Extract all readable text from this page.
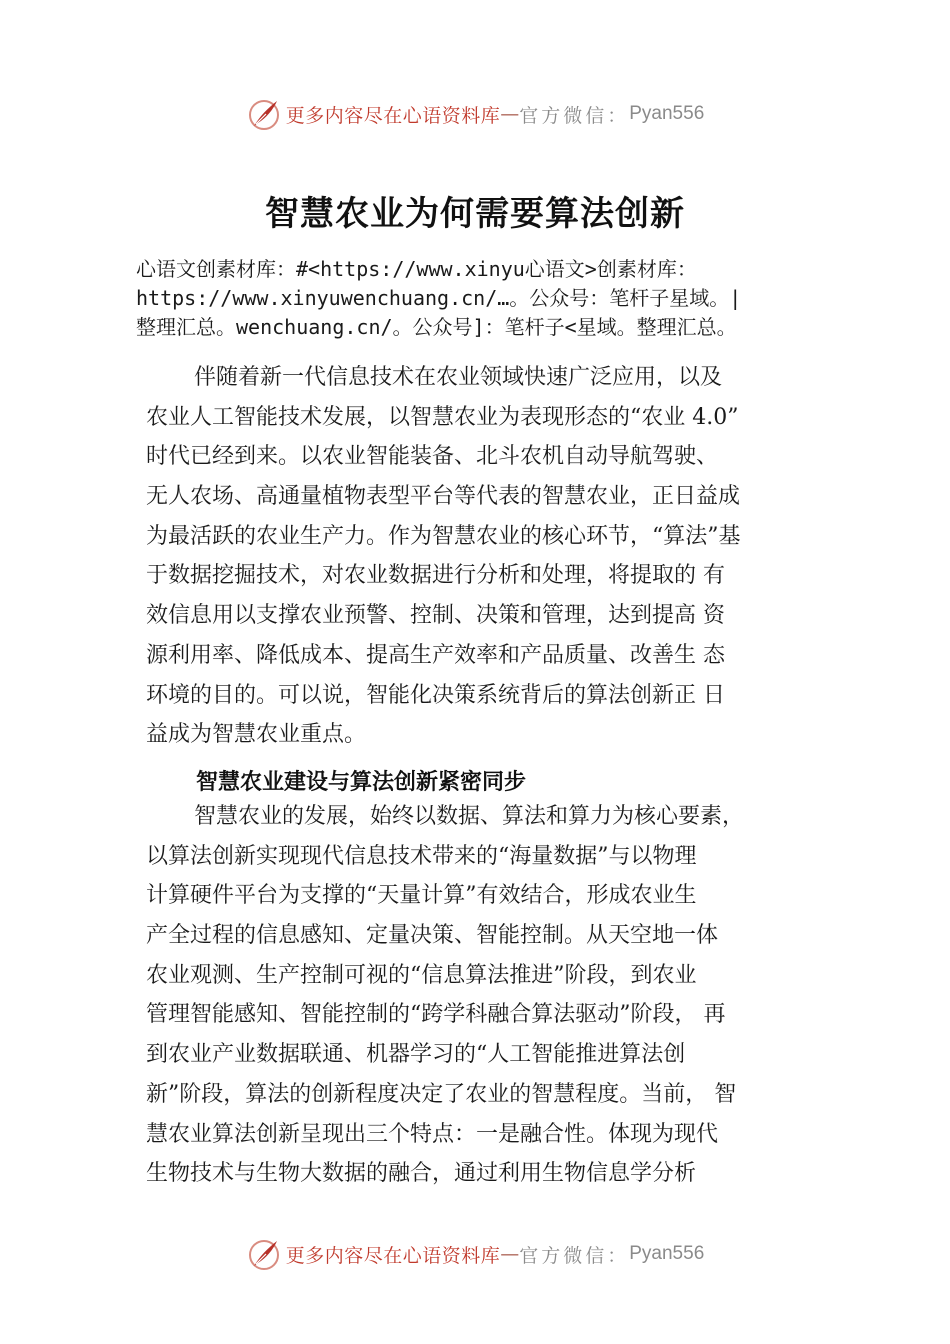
更多内容尽在心语资料库 — 官方微信： Pyan556
智慧农业为何需要算法创新
心语文创素材库：#<https://www.xinyu心语文>创素材库：
https://www.xinyuwenchuang.cn/…。公众号：笔杆子星域。|
整理汇总。wenchuang.cn/。公众号]：笔杆子<星域。整理汇总。
伴随着新一代信息技术在农业领域快速广泛应用，以及
农业人工智能技术发展，以智慧农业为表现形态的“农业 4.0”
时代已经到来。以农业智能装备、北斗农机自动导航驾驶、
无人农场、高通量植物表型平台等代表的智慧农业，正日益成
为最活跃的农业生产力。作为智慧农业的核心环节，“算法”基
于数据挖掘技术，对农业数据进行分析和处理，将提取的 有
效信息用以支撑农业预警、控制、决策和管理，达到提高 资
源利用率、降低成本、提高生产效率和产品质量、改善生 态
环境的目的。可以说，智能化决策系统背后的算法创新正 日
益成为智慧农业重点。
智慧农业建设与算法创新紧密同步
智慧农业的发展，始终以数据、算法和算力为核心要素，
以算法创新实现现代信息技术带来的“海量数据”与以物理
计算硬件平台为支撑的“天量计算”有效结合，形成农业生
产全过程的信息感知、定量决策、智能控制。从天空地一体
农业观测、生产控制可视的“信息算法推进”阶段，到农业
管理智能感知、智能控制的“跨学科融合算法驱动”阶段， 再
到农业产业数据联通、机器学习的“人工智能推进算法创
新”阶段，算法的创新程度决定了农业的智慧程度。当前， 智
慧农业算法创新呈现出三个特点：一是融合性。体现为现代
生物技术与生物大数据的融合，通过利用生物信息学分析
更多内容尽在心语资料库 — 官方微信： Pyan556
